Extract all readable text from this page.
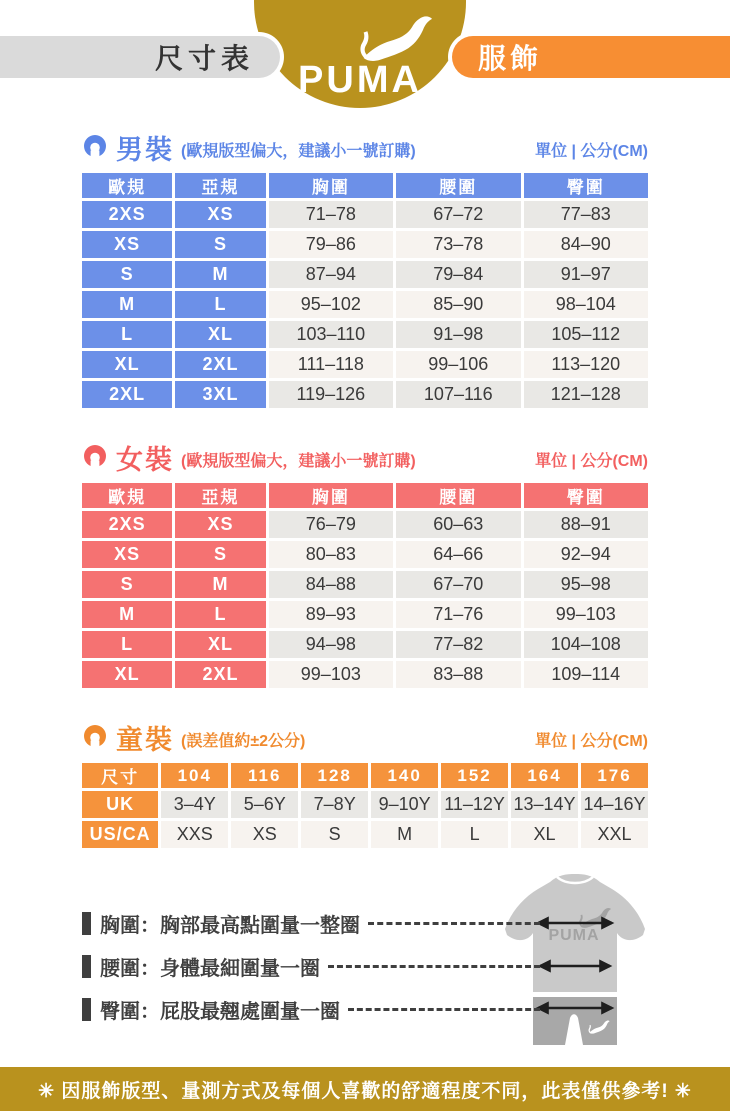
PUMA
尺寸表	服飾
男裝 (歐規版型偏大，建議小一號訂購)	單位 | 公分(CM)
歐規	亞規	胸圍	腰圍	臀圍
2XS	XS	71–78	67–72	77–83
XS	S	79–86	73–78	84–90
S	M	87–94	79–84	91–97
M	L	95–102	85–90	98–104
L	XL	103–110	91–98	105–112
XL	2XL	111–118	99–106	113–120
2XL	3XL	119–126	107–116	121–128
女裝 (歐規版型偏大，建議小一號訂購)	單位 | 公分(CM)
歐規	亞規	胸圍	腰圍	臀圍
2XS	XS	76–79	60–63	88–91
XS	S	80–83	64–66	92–94
S	M	84–88	67–70	95–98
M	L	89–93	71–76	99–103
L	XL	94–98	77–82	104–108
XL	2XL	99–103	83–88	109–114
童裝 (誤差值約±2公分)	單位 | 公分(CM)
尺寸	104	116	128	140	152	164	176
UK	3–4Y	5–6Y	7–8Y	9–10Y	11–12Y	13–14Y	14–16Y
US/CA	XXS	XS	S	M	L	XL	XXL
胸圍：胸部最高點圍量一整圈
腰圍：身體最細圍量一圈
臀圍：屁股最翹處圍量一圈
PUMA
✳ 因服飾版型、量測方式及每個人喜歡的舒適程度不同，此表僅供參考! ✳
